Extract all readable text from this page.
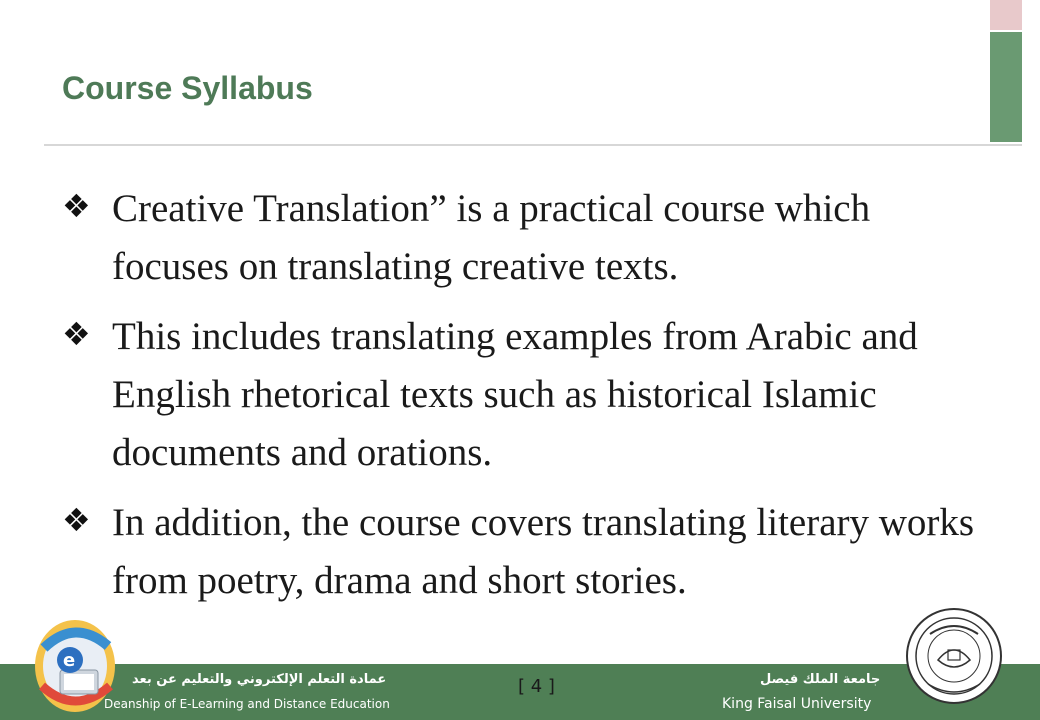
Course Syllabus
❖ Creative Translation” is a practical course which focuses on translating creative texts.
❖ This includes translating examples from Arabic and English rhetorical texts such as historical Islamic documents and orations.
❖ In addition, the course covers translating literary works from poetry, drama and short stories.
عمادة التعلم الإلكتروني والتعليم عن بعد
Deanship of E-Learning and Distance Education
[ 4 ]	جامعة الملك فيصل
King Faisal University
e
